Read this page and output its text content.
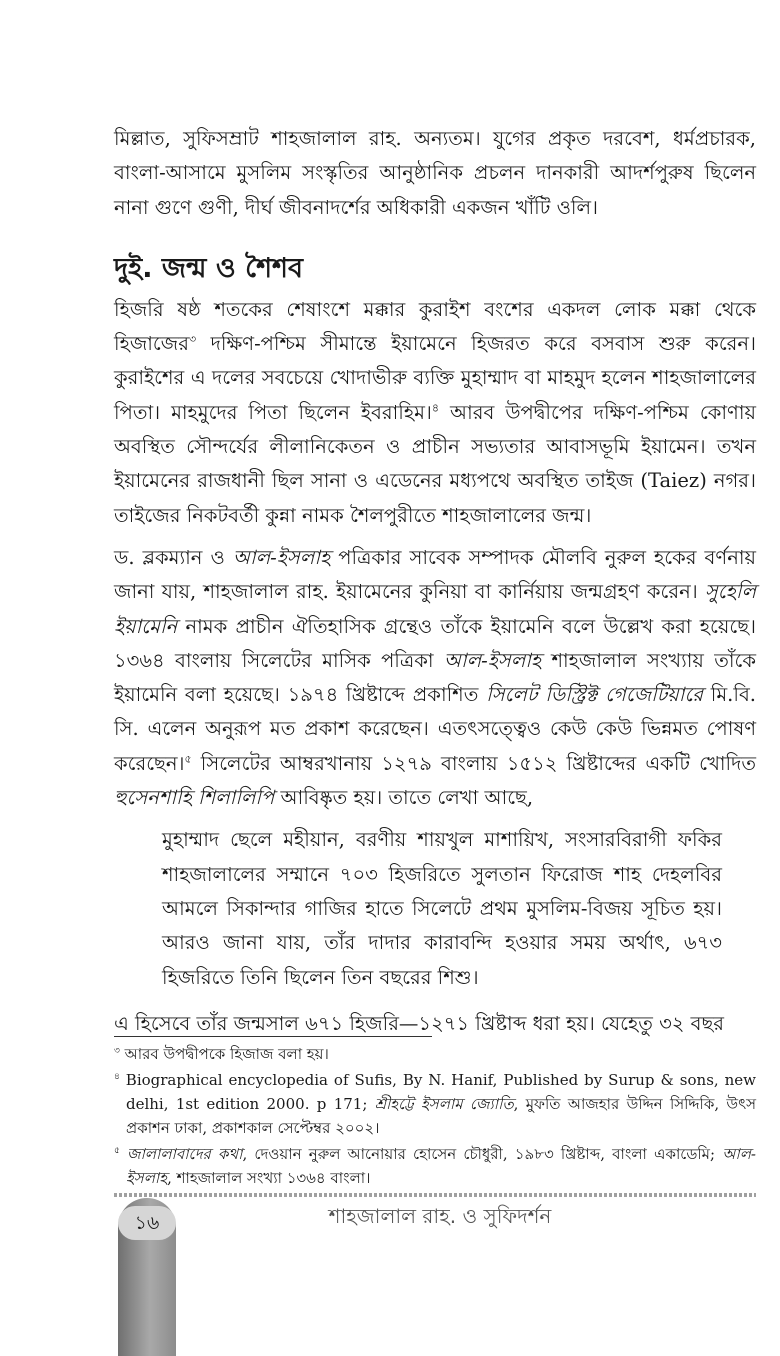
মিল্লাত, সুফিসম্রাট শাহজালাল রাহ. অন্যতম। যুগের প্রকৃত দরবেশ, ধর্মপ্রচারক, বাংলা-আসামে মুসলিম সংস্কৃতির আনুষ্ঠানিক প্রচলন দানকারী আদর্শপুরুষ ছিলেন নানা গুণে গুণী, দীর্ঘ জীবনাদর্শের অধিকারী একজন খাঁটি ওলি।

দুই. জন্ম ও শৈশব

হিজরি ষষ্ঠ শতকের শেষাংশে মক্কার কুরাইশ বংশের একদল লোক মক্কা থেকে হিজাজের$^৩$ দক্ষিণ-পশ্চিম সীমান্তে ইয়ামেনে হিজরত করে বসবাস শুরু করেন। কুরাইশের এ দলের সবচেয়ে খোদাভীরু ব্যক্তি মুহাম্মাদ বা মাহমুদ হলেন শাহজালালের পিতা। মাহমুদের পিতা ছিলেন ইবরাহিম।$^৪$ আরব উপদ্বীপের দক্ষিণ-পশ্চিম কোণায় অবস্থিত সৌন্দর্যের লীলানিকেতন ও প্রাচীন সভ্যতার আবাসভূমি ইয়ামেন। তখন ইয়ামেনের রাজধানী ছিল সানা ও এডেনের মধ্যপথে অবস্থিত তাইজ (Taiez) নগর। তাইজের নিকটবর্তী কুন্না নামক শৈলপুরীতে শাহজালালের জন্ম।

ড. ব্লকম্যান ও আল-ইসলাহ পত্রিকার সাবেক সম্পাদক মৌলবি নুরুল হকের বর্ণনায় জানা যায়, শাহজালাল রাহ. ইয়ামেনের কুনিয়া বা কার্নিয়ায় জন্মগ্রহণ করেন। সুহেলি ইয়ামেনি নামক প্রাচীন ঐতিহাসিক গ্রন্থেও তাঁকে ইয়ামেনি বলে উল্লেখ করা হয়েছে। ১৩৬৪ বাংলায় সিলেটের মাসিক পত্রিকা আল-ইসলাহ শাহজালাল সংখ্যায় তাঁকে ইয়ামেনি বলা হয়েছে। ১৯৭৪ খ্রিষ্টাব্দে প্রকাশিত সিলেট ডিস্ট্রিক্ট গেজেটিয়ারে মি.বি. সি. এলেন অনুরূপ মত প্রকাশ করেছেন। এতৎসত্ত্বেও কেউ কেউ ভিন্নমত পোষণ করেছেন।$^৫$ সিলেটের আম্বরখানায় ১২৭৯ বাংলায় ১৫১২ খ্রিষ্টাব্দের একটি খোদিত হুসেনশাহি শিলালিপি আবিষ্কৃত হয়। তাতে লেখা আছে,

মুহাম্মাদ ছেলে মহীয়ান, বরণীয় শায়খুল মাশায়িখ, সংসারবিরাগী ফকির শাহজালালের সম্মানে ৭০৩ হিজরিতে সুলতান ফিরোজ শাহ দেহলবির আমলে সিকান্দার গাজির হাতে সিলেটে প্রথম মুসলিম-বিজয় সূচিত হয়। আরও জানা যায়, তাঁর দাদার কারাবন্দি হওয়ার সময় অর্থাৎ, ৬৭৩ হিজরিতে তিনি ছিলেন তিন বছরের শিশু।

এ হিসেবে তাঁর জন্মসাল ৬৭১ হিজরি—১২৭১ খ্রিষ্টাব্দ ধরা হয়। যেহেতু ৩২ বছর

$^৩$ আরব উপদ্বীপকে হিজাজ বলা হয়।

$^৪$ Biographical encyclopedia of Sufis, By N. Hanif, Published by Surup & sons, new delhi, 1st edition 2000. p 171; শ্রীহট্টে ইসলাম জ্যোতি, মুফতি আজহার উদ্দিন সিদ্দিকি, উৎস প্রকাশন ঢাকা, প্রকাশকাল সেপ্টেম্বর ২০০২।

$^৫$ জালালাবাদের কথা, দেওয়ান নুরুল আনোয়ার হোসেন চৌধুরী, ১৯৮৩ খ্রিষ্টাব্দ, বাংলা একাডেমি; আল-ইসলাহ, শাহজালাল সংখ্যা ১৩৬৪ বাংলা।

১৬	শাহজালাল রাহ. ও সুফিদর্শন
